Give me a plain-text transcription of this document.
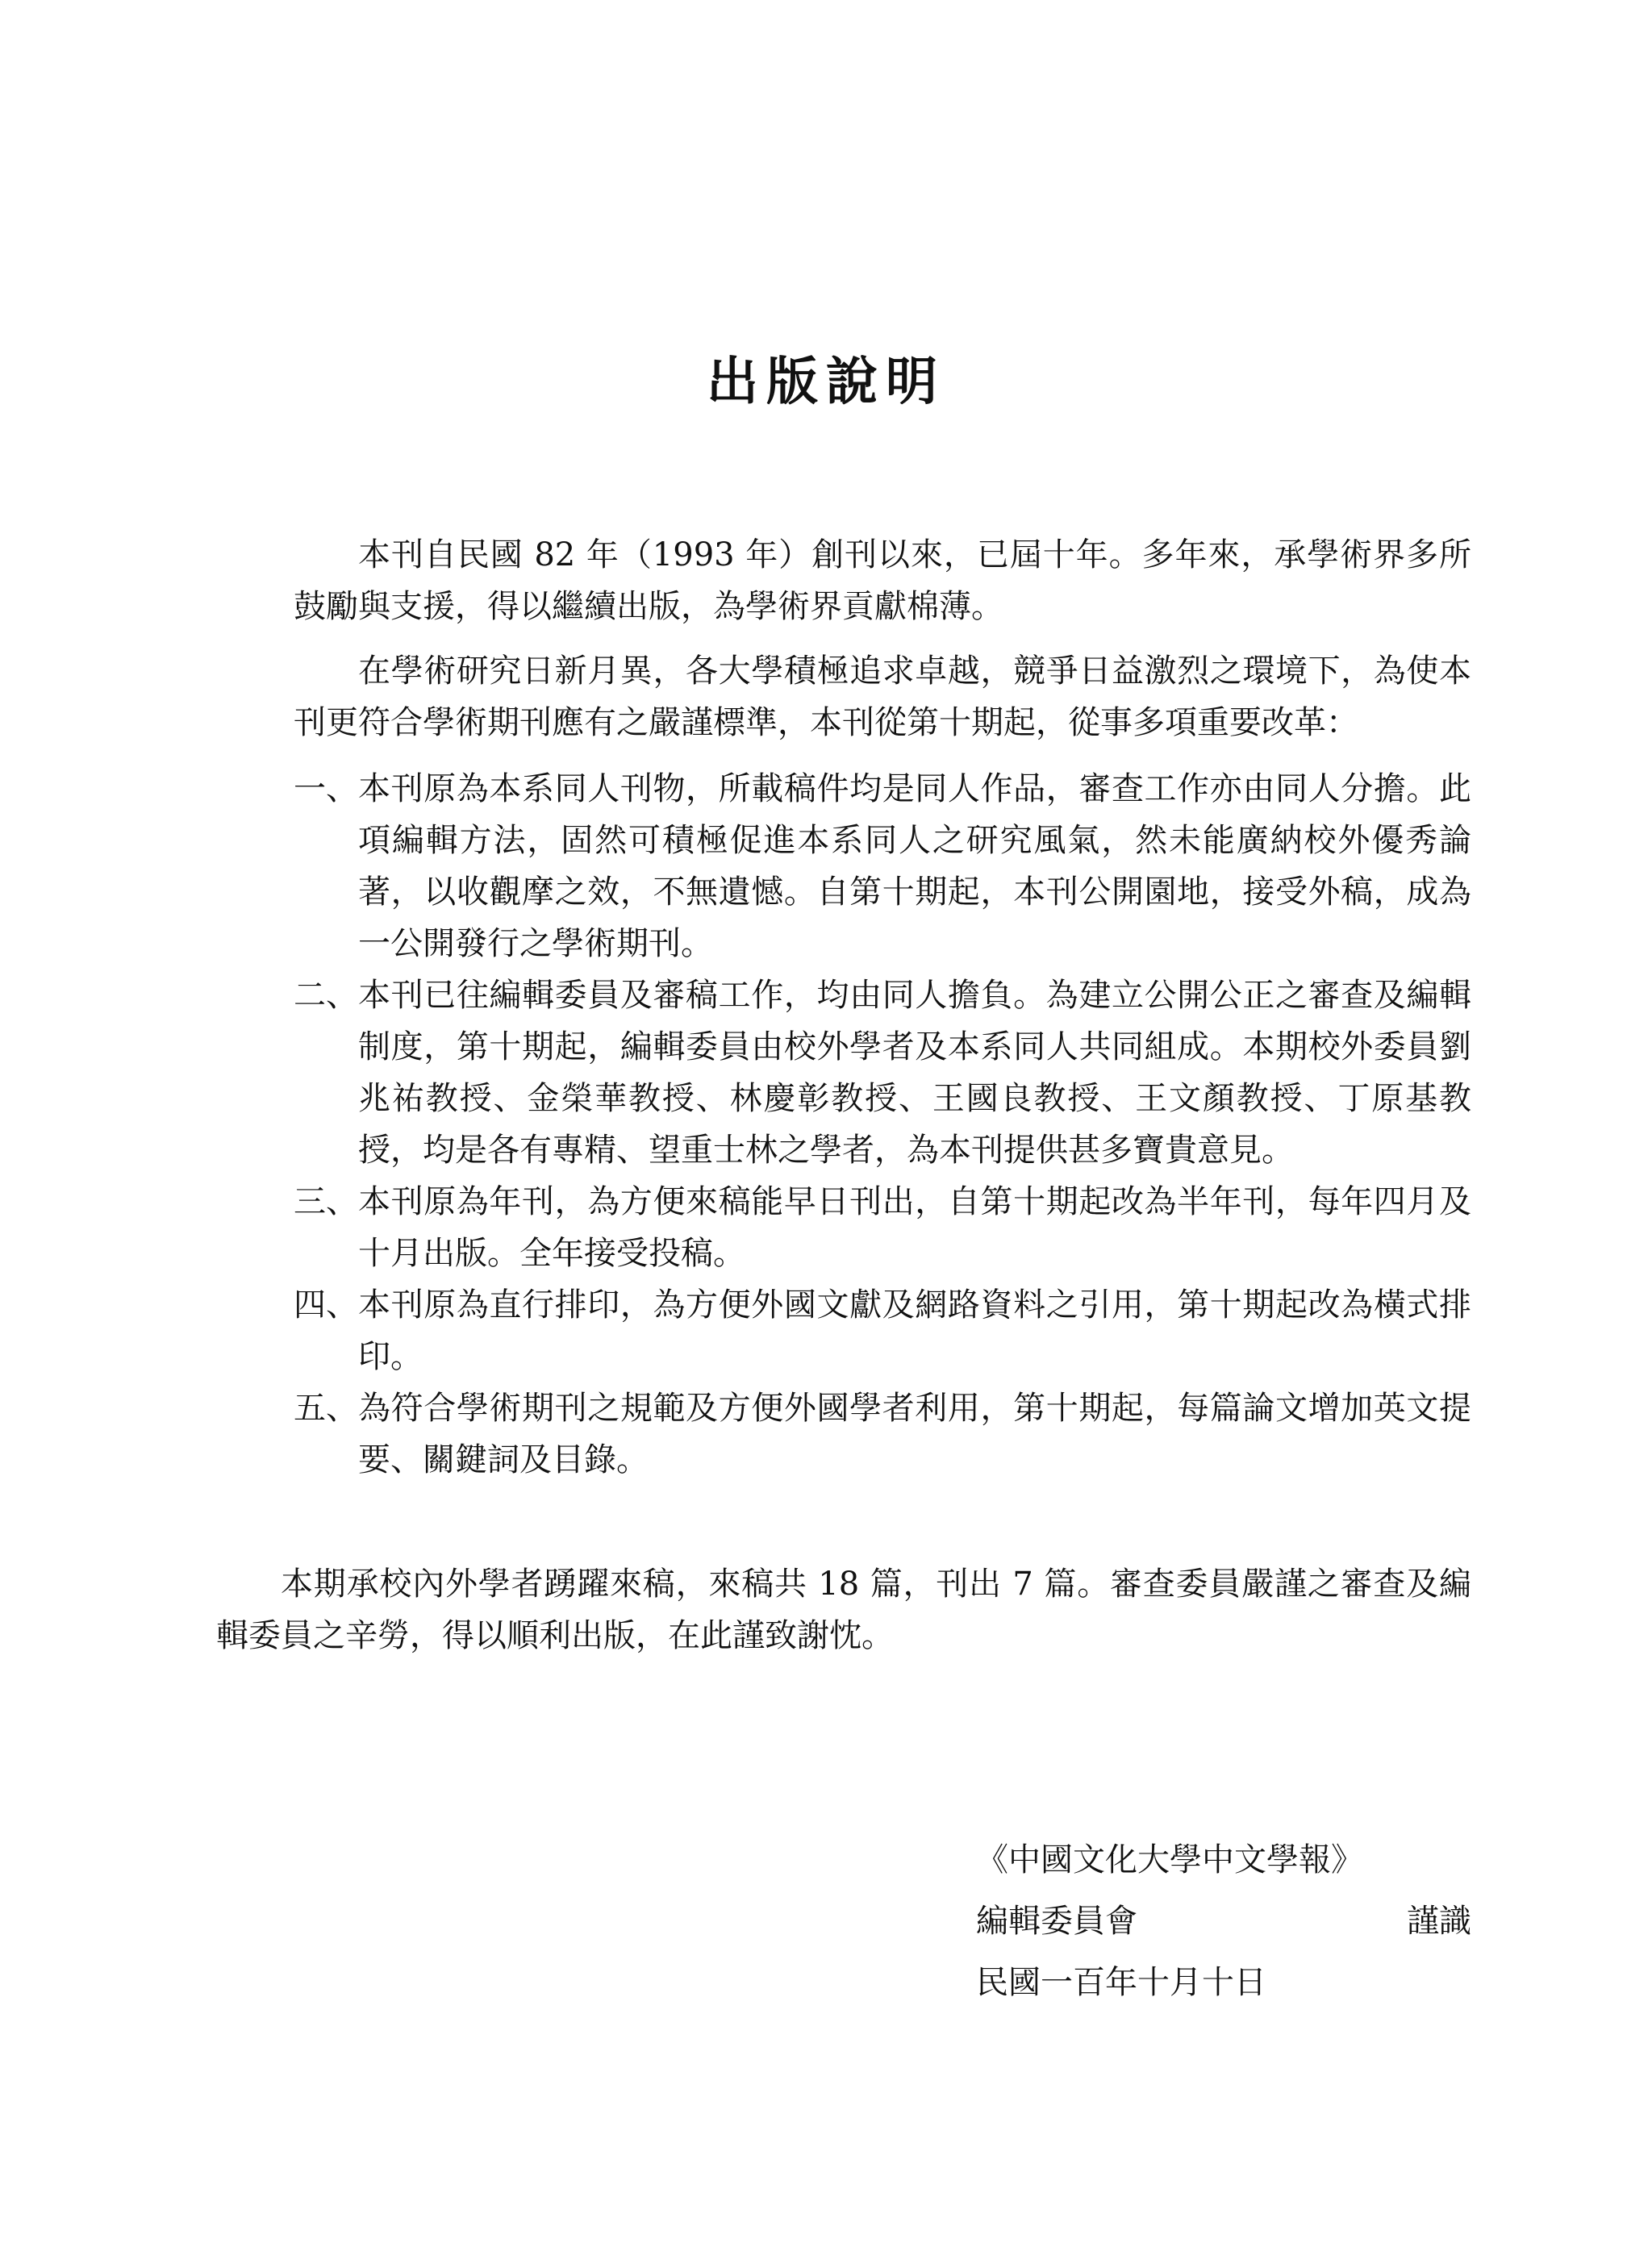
出版說明

本刊自民國 82 年（1993 年）創刊以來，已屆十年。多年來，承學術界多所鼓勵與支援，得以繼續出版，為學術界貢獻棉薄。

在學術研究日新月異，各大學積極追求卓越，競爭日益激烈之環境下，為使本刊更符合學術期刊應有之嚴謹標準，本刊從第十期起，從事多項重要改革：

一、 本刊原為本系同人刊物，所載稿件均是同人作品，審查工作亦由同人分擔。此項編輯方法，固然可積極促進本系同人之研究風氣，然未能廣納校外優秀論著，以收觀摩之效，不無遺憾。自第十期起，本刊公開園地，接受外稿，成為一公開發行之學術期刊。
二、 本刊已往編輯委員及審稿工作，均由同人擔負。為建立公開公正之審查及編輯制度，第十期起，編輯委員由校外學者及本系同人共同組成。本期校外委員劉兆祐教授、金榮華教授、林慶彰教授、王國良教授、王文顏教授、丁原基教授，均是各有專精、望重士林之學者，為本刊提供甚多寶貴意見。
三、 本刊原為年刊，為方便來稿能早日刊出，自第十期起改為半年刊，每年四月及十月出版。全年接受投稿。
四、 本刊原為直行排印，為方便外國文獻及網路資料之引用，第十期起改為橫式排印。
五、 為符合學術期刊之規範及方便外國學者利用，第十期起，每篇論文增加英文提要、關鍵詞及目錄。

本期承校內外學者踴躍來稿，來稿共 18 篇，刊出 7 篇。審查委員嚴謹之審查及編輯委員之辛勞，得以順利出版，在此謹致謝忱。

《中國文化大學中文學報》
編輯委員會	謹識
民國一百年十月十日
